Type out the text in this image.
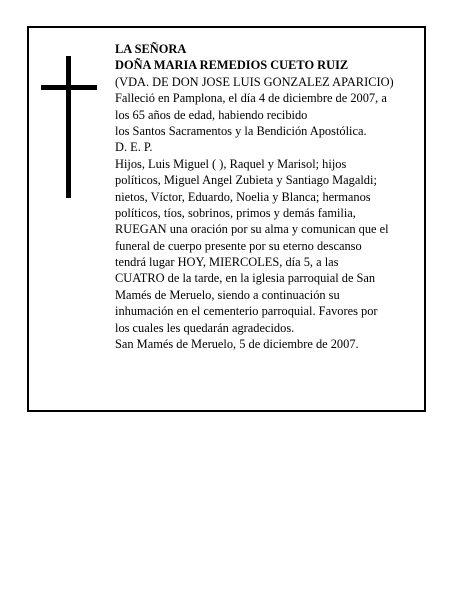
LA SEÑORA
DOÑA MARIA REMEDIOS CUETO RUIZ
(VDA. DE DON JOSE LUIS GONZALEZ APARICIO)
Falleció en Pamplona, el día 4 de diciembre de 2007, a
los 65 años de edad, habiendo recibido
los Santos Sacramentos y la Bendición Apostólica.
D. E. P.
Hijos, Luis Miguel ( ), Raquel y Marisol; hijos
políticos, Miguel Angel Zubieta y Santiago Magaldi;
nietos, Víctor, Eduardo, Noelia y Blanca; hermanos
políticos, tíos, sobrinos, primos y demás familia,
RUEGAN una oración por su alma y comunican que el
funeral de cuerpo presente por su eterno descanso
tendrá lugar HOY, MIERCOLES, día 5, a las
CUATRO de la tarde, en la iglesia parroquial de San
Mamés de Meruelo, siendo a continuación su
inhumación en el cementerio parroquial. Favores por
los cuales les quedarán agradecidos.
San Mamés de Meruelo, 5 de diciembre de 2007.
